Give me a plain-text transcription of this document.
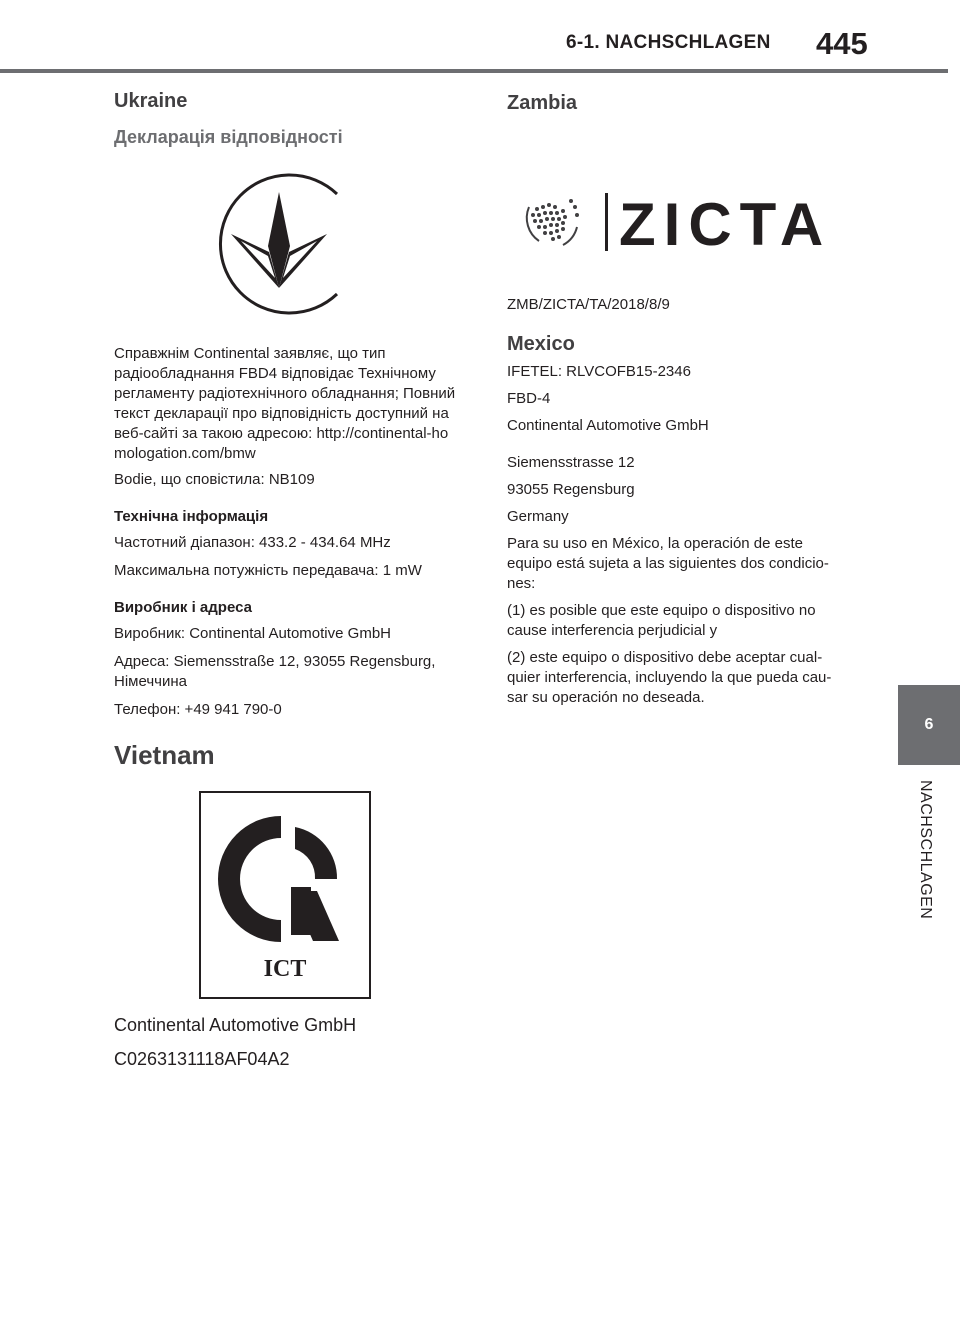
6-1. NACHSCHLAGEN 445
6
NACHSCHLAGEN
Ukraine
Декларація відповідності
Справжнім Continental заявляє, що тип радіообладнання FBD4 відповідає Технічному регламенту радіотехнічного обладнання; Повний текст декларації про відповідність доступний на веб-сайті за такою адресою: http://continental-homologation.com/bmw
Bodie, що сповістила: NB109
Технічна інформація
Частотний діапазон: 433.2 - 434.64 MHz
Максимальна потужність передавача: 1 mW
Виробник і адреса
Виробник: Continental Automotive GmbH
Адреса: Siemensstraße 12, 93055 Regensburg, Німеччина
Телефон: +49 941 790-0
Vietnam
ICT
Continental Automotive GmbH
C0263131118AF04A2
Zambia
ZICTA
ZMB/ZICTA/TA/2018/8/9
Mexico
IFETEL: RLVCOFB15-2346
FBD-4
Continental Automotive GmbH
Siemensstrasse 12
93055 Regensburg
Germany
Para su uso en México, la operación de este equipo está sujeta a las siguientes dos condicio-nes:
(1) es posible que este equipo o dispositivo no cause interferencia perjudicial y
(2) este equipo o dispositivo debe aceptar cual-quier interferencia, incluyendo la que pueda cau-sar su operación no deseada.
